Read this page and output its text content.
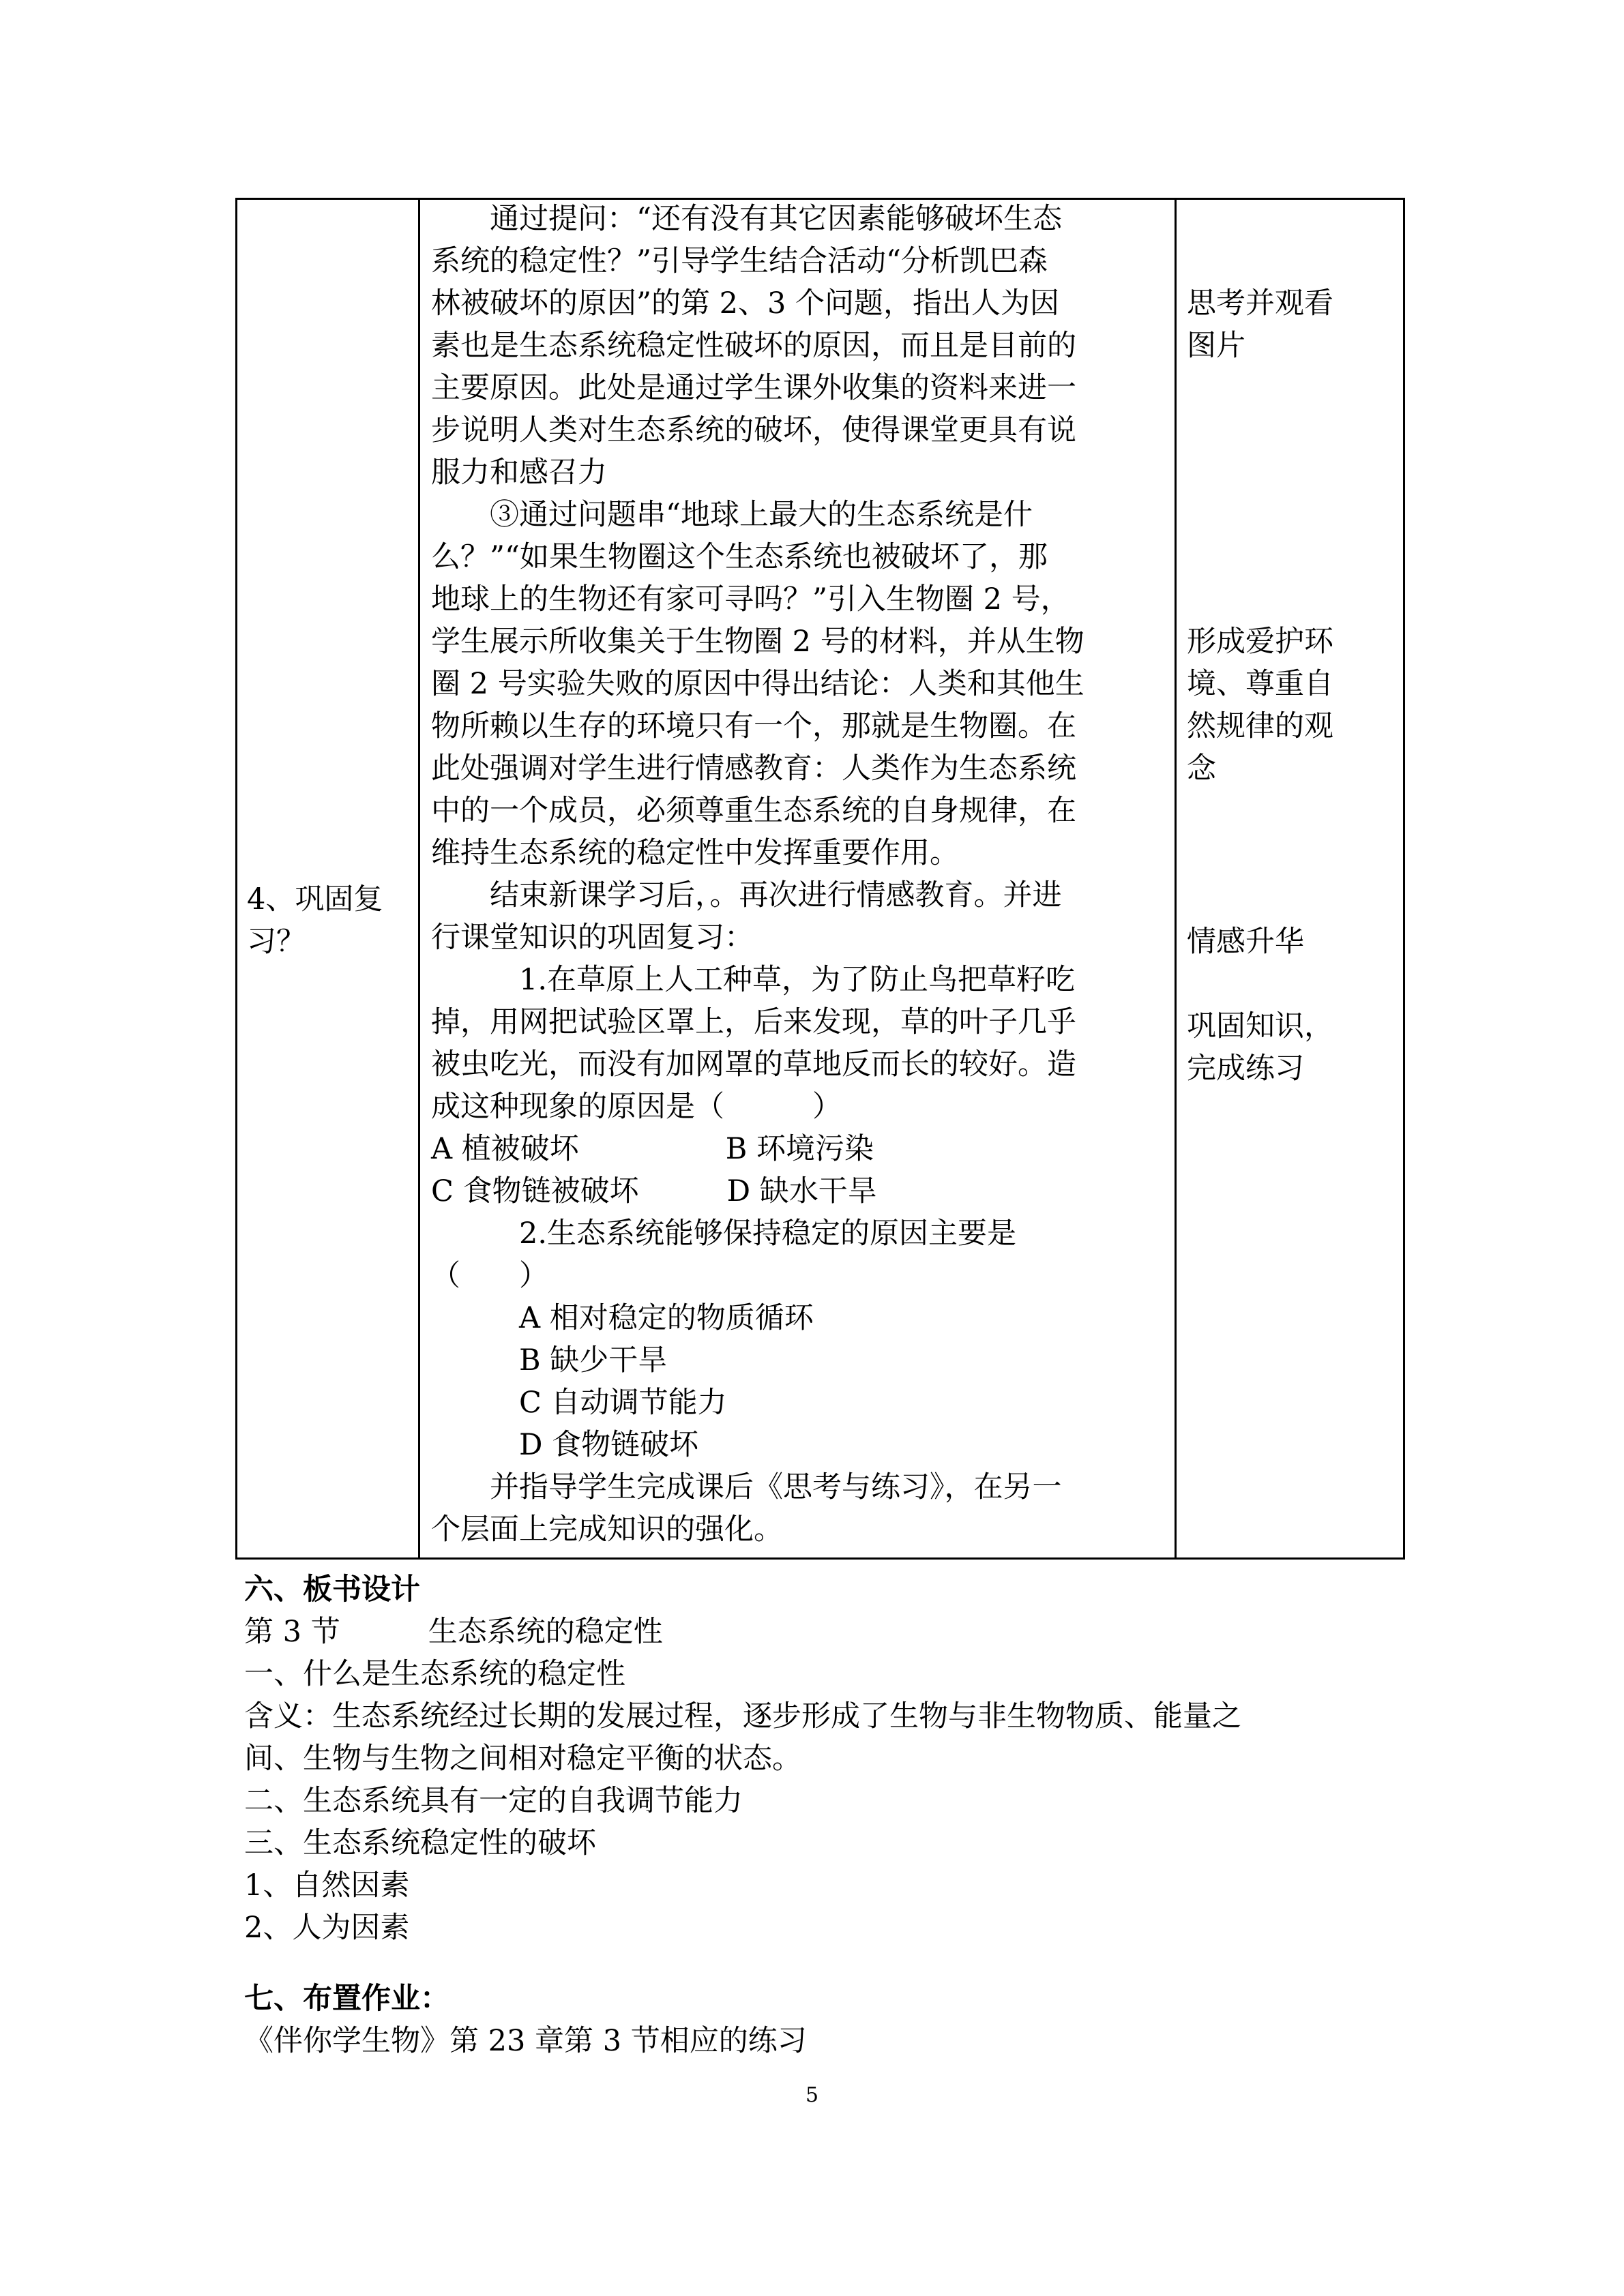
4、巩固复
习？
　　通过提问：“还有没有其它因素能够破坏生态
系统的稳定性？”引导学生结合活动“分析凯巴森
林被破坏的原因”的第 2、3 个问题，指出人为因
素也是生态系统稳定性破坏的原因，而且是目前的
主要原因。此处是通过学生课外收集的资料来进一
步说明人类对生态系统的破坏，使得课堂更具有说
服力和感召力
　　③通过问题串“地球上最大的生态系统是什
么？”“如果生物圈这个生态系统也被破坏了，那
地球上的生物还有家可寻吗？”引入生物圈 2 号，
学生展示所收集关于生物圈 2 号的材料，并从生物
圈 2 号实验失败的原因中得出结论：人类和其他生
物所赖以生存的环境只有一个，那就是生物圈。在
此处强调对学生进行情感教育：人类作为生态系统
中的一个成员，必须尊重生态系统的自身规律，在
维持生态系统的稳定性中发挥重要作用。
　　结束新课学习后，。再次进行情感教育。并进
行课堂知识的巩固复习：
　　　1.在草原上人工种草，为了防止鸟把草籽吃
掉，用网把试验区罩上，后来发现，草的叶子几乎
被虫吃光，而没有加网罩的草地反而长的较好。造
成这种现象的原因是（　　　）
A 植被破坏　　　　　B 环境污染
C 食物链被破坏　　　D 缺水干旱
　　　2.生态系统能够保持稳定的原因主要是
（　　）
　　　A 相对稳定的物质循环
　　　B 缺少干旱
　　　C 自动调节能力
　　　D 食物链破坏
　　并指导学生完成课后《思考与练习》，在另一
个层面上完成知识的强化。
思考并观看
图片
形成爱护环
境、尊重自
然规律的观
念
情感升华
巩固知识，
完成练习
六、板书设计
第 3 节　　　生态系统的稳定性
一、什么是生态系统的稳定性
含义：生态系统经过长期的发展过程，逐步形成了生物与非生物物质、能量之
间、生物与生物之间相对稳定平衡的状态。
二、生态系统具有一定的自我调节能力
三、生态系统稳定性的破坏
1、自然因素
2、人为因素
七、布置作业：
《伴你学生物》第 23 章第 3 节相应的练习
5
